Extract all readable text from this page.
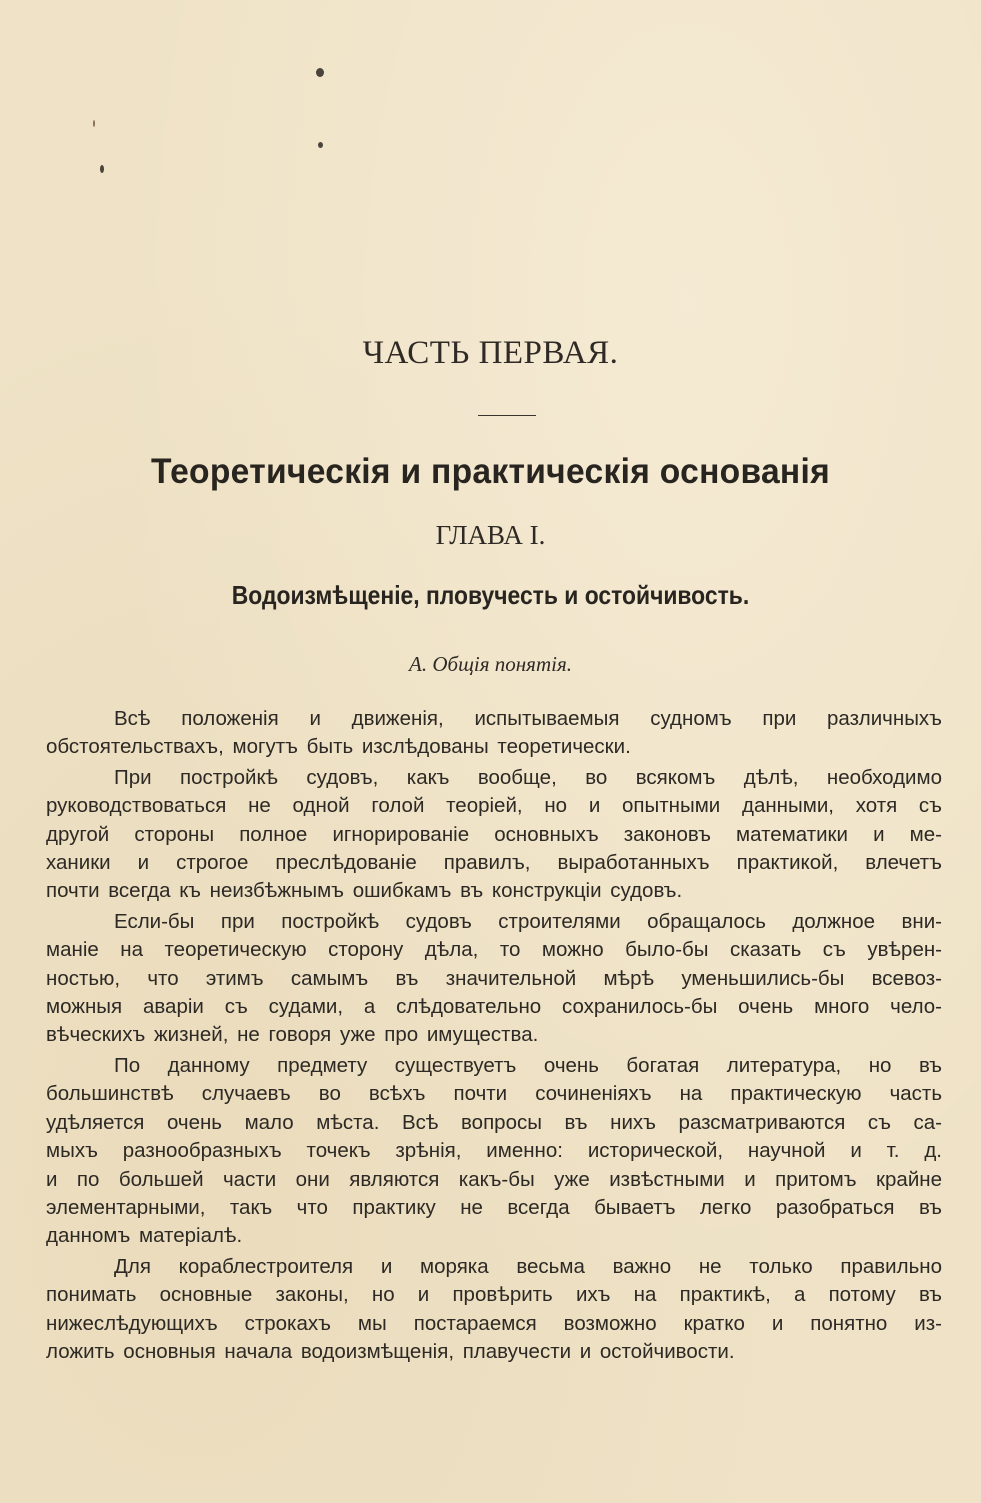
ЧАСТЬ ПЕРВАЯ.
Теоретическія и практическія основанія
ГЛАВА I.
Водоизмѣщеніе, пловучесть и остойчивость.
А. Общія понятія.

Всѣ положенія и движенія, испытываемыя судномъ при различныхъ
обстоятельствахъ, могутъ быть изслѣдованы теоретически.

При постройкѣ судовъ, какъ вообще, во всякомъ дѣлѣ, необходимо
руководствоваться не одной голой теоріей, но и опытными данными, хотя съ
другой стороны полное игнорированіе основныхъ законовъ математики и ме-
ханики и строгое преслѣдованіе правилъ, выработанныхъ практикой, влечетъ
почти всегда къ неизбѣжнымъ ошибкамъ въ конструкціи судовъ.

Если-бы при постройкѣ судовъ строителями обращалось должное вни-
маніе на теоретическую сторону дѣла, то можно было-бы сказать съ увѣрен-
ностью, что этимъ самымъ въ значительной мѣрѣ уменьшились-бы всевоз-
можныя аваріи съ судами, а слѣдовательно сохранилось-бы очень много чело-
вѣческихъ жизней, не говоря уже про имущества.

По данному предмету существуетъ очень богатая литература, но въ
большинствѣ случаевъ во всѣхъ почти сочиненіяхъ на практическую часть
удѣляется очень мало мѣста. Всѣ вопросы въ нихъ разсматриваются съ са-
мыхъ разнообразныхъ точекъ зрѣнія, именно: исторической, научной и т. д.
и по большей части они являются какъ-бы уже извѣстными и притомъ крайне
элементарными, такъ что практику не всегда бываетъ легко разобраться въ
данномъ матеріалѣ.

Для кораблестроителя и моряка весьма важно не только правильно
понимать основные законы, но и провѣрить ихъ на практикѣ, а потому въ
нижеслѣдующихъ строкахъ мы постараемся возможно кратко и понятно из-
ложить основныя начала водоизмѣщенія, плавучести и остойчивости.
